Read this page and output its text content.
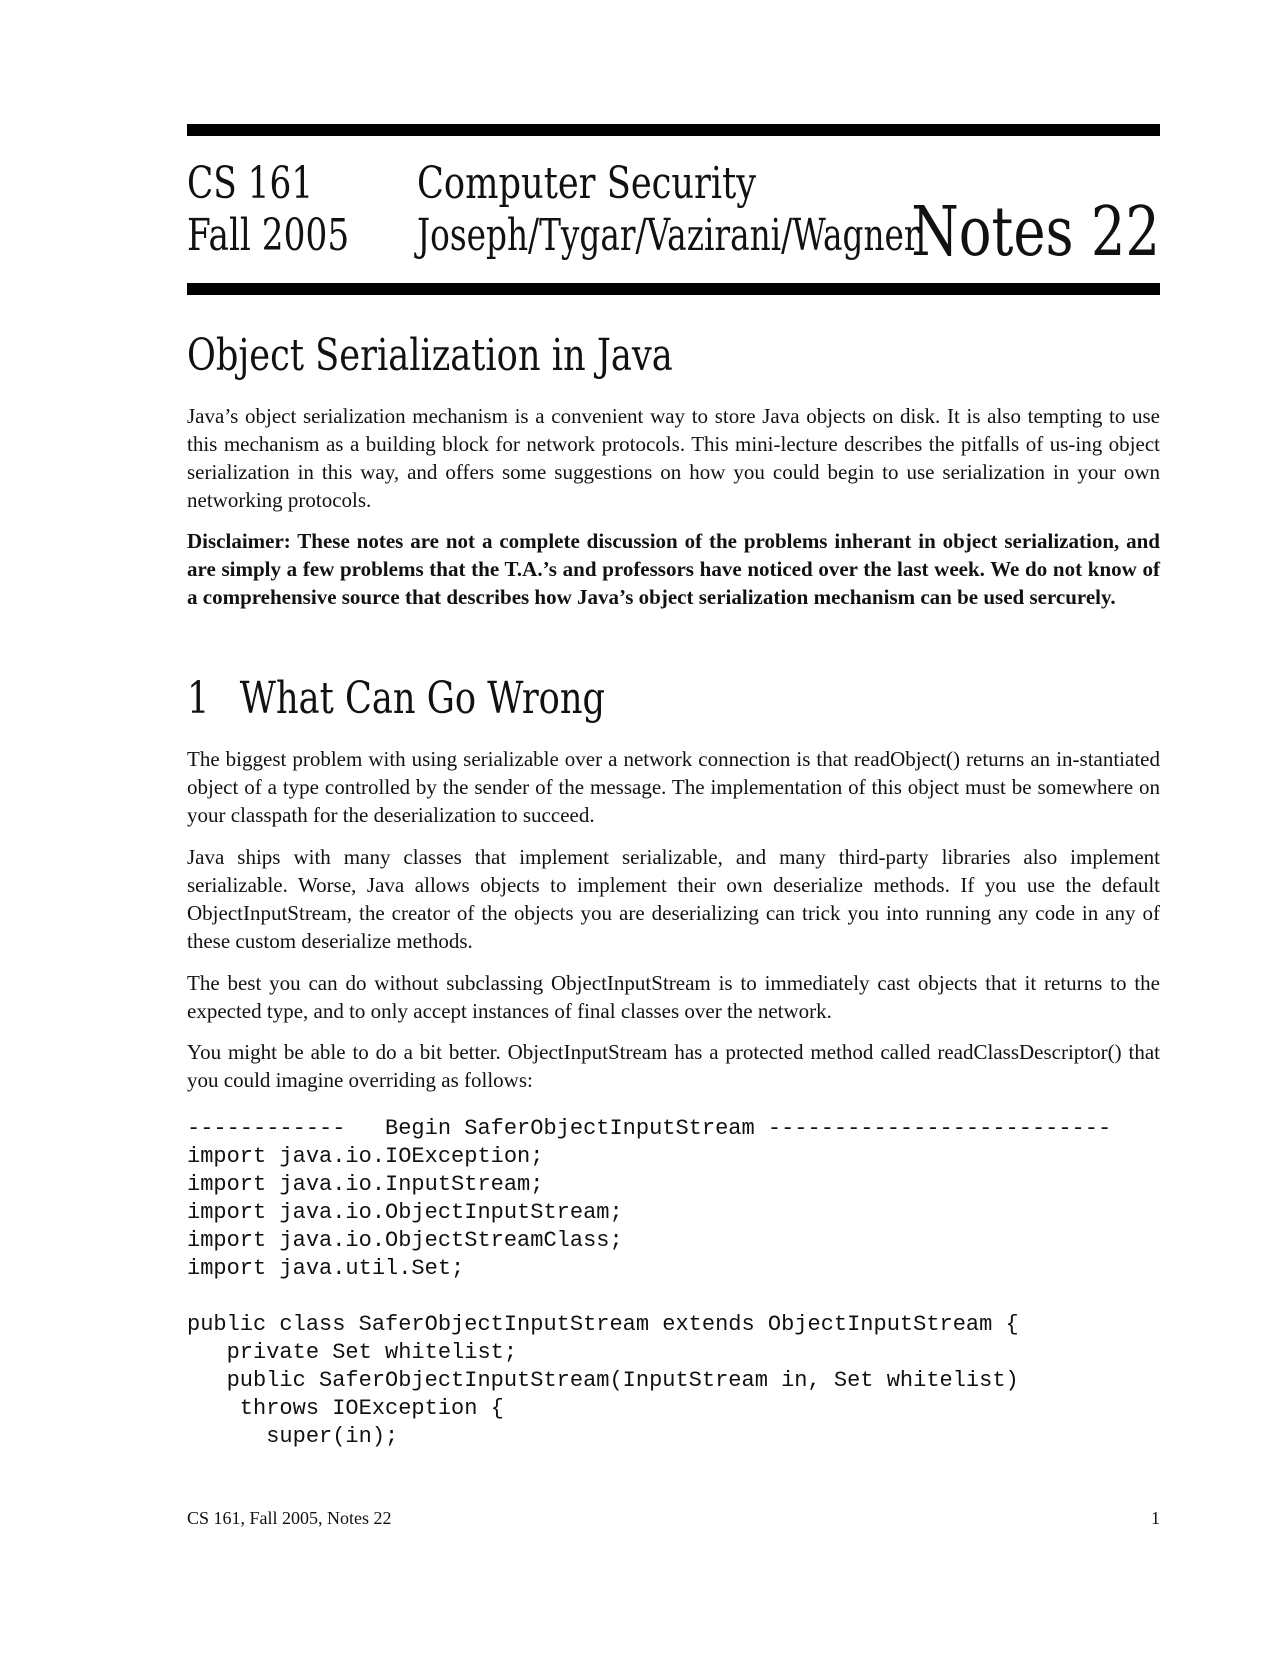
CS 161
Fall 2005
Computer Security
Joseph/Tygar/Vazirani/Wagner
Notes 22
Object Serialization in Java

Java’s object serialization mechanism is a convenient way to store Java objects on disk. It is also tempting to use this mechanism as a building block for network protocols. This mini-lecture describes the pitfalls of us-ing object serialization in this way, and offers some suggestions on how you could begin to use serialization in your own networking protocols.

Disclaimer: These notes are not a complete discussion of the problems inherant in object serialization, and are simply a few problems that the T.A.’s and professors have noticed over the last week. We do not know of a comprehensive source that describes how Java’s object serialization mechanism can be used sercurely.

1 What Can Go Wrong

The biggest problem with using serializable over a network connection is that readObject() returns an in-stantiated object of a type controlled by the sender of the message. The implementation of this object must be somewhere on your classpath for the deserialization to succeed.

Java ships with many classes that implement serializable, and many third-party libraries also implement serializable. Worse, Java allows objects to implement their own deserialize methods. If you use the default ObjectInputStream, the creator of the objects you are deserializing can trick you into running any code in any of these custom deserialize methods.

The best you can do without subclassing ObjectInputStream is to immediately cast objects that it returns to the expected type, and to only accept instances of final classes over the network.

You might be able to do a bit better. ObjectInputStream has a protected method called readClassDescriptor() that you could imagine overriding as follows:

------------   Begin SaferObjectInputStream --------------------------
import java.io.IOException;
import java.io.InputStream;
import java.io.ObjectInputStream;
import java.io.ObjectStreamClass;
import java.util.Set;

public class SaferObjectInputStream extends ObjectInputStream {
private Set whitelist;
public SaferObjectInputStream(InputStream in, Set whitelist)
throws IOException {
super(in);
CS 161, Fall 2005, Notes 22	1
